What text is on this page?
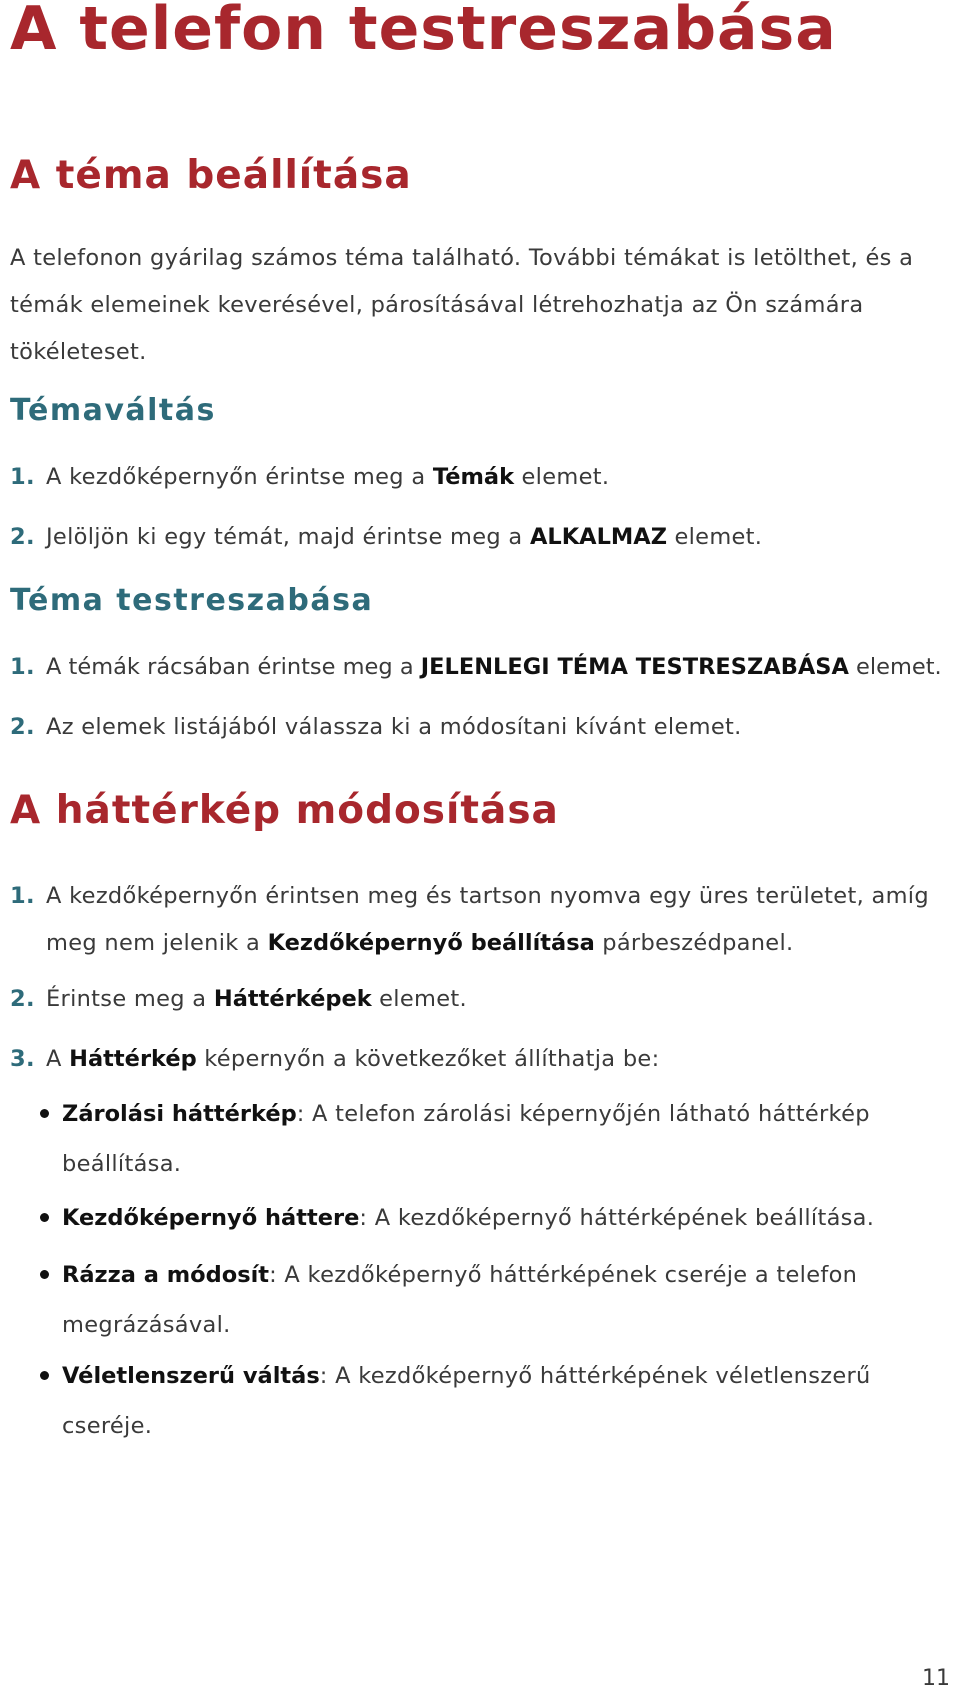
A telefon testreszabása
A téma beállítása

A telefonon gyárilag számos téma található. További témákat is letölthet, és a témák elemeinek keverésével, párosításával létrehozhatja az Ön számára tökéleteset.

Témaváltás
1. A kezdőképernyőn érintse meg a Témák elemet.
2. Jelöljön ki egy témát, majd érintse meg a ALKALMAZ elemet.
Téma testreszabása
1. A témák rácsában érintse meg a JELENLEGI TÉMA TESTRESZABÁSA elemet.
2. Az elemek listájából válassza ki a módosítani kívánt elemet.
A háttérkép módosítása
1. A kezdőképernyőn érintsen meg és tartson nyomva egy üres területet, amíg meg nem jelenik a Kezdőképernyő beállítása párbeszédpanel.
2. Érintse meg a Háttérképek elemet.
3. A Háttérkép képernyőn a következőket állíthatja be:
Zárolási háttérkép: A telefon zárolási képernyőjén látható háttérkép beállítása.
Kezdőképernyő háttere: A kezdőképernyő háttérképének beállítása.
Rázza a módosít: A kezdőképernyő háttérképének cseréje a telefon megrázásával.
Véletlenszerű váltás: A kezdőképernyő háttérképének véletlenszerű cseréje.
11
